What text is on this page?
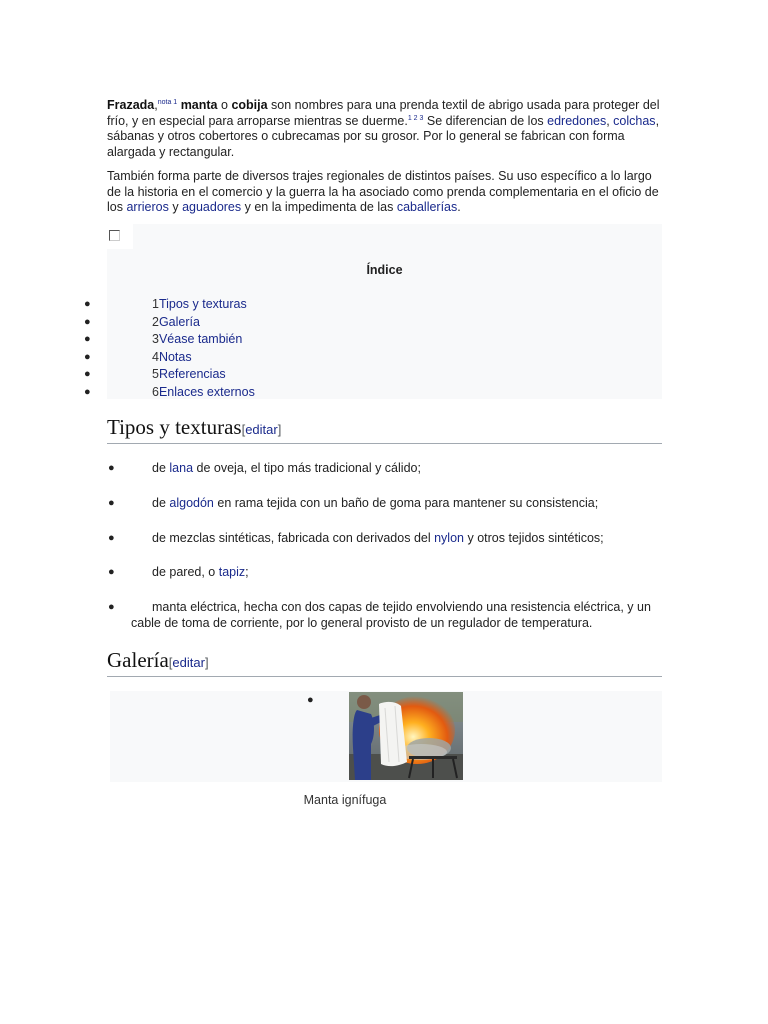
Frazada,$^{nota 1}$ manta o cobija son nombres para una prenda textil de abrigo usada para proteger del frío, y en especial para arroparse mientras se duerme.$^{1 2 3}$ Se diferencian de los edredones, colchas, sábanas y otros cobertores o cubrecamas por su grosor. Por lo general se fabrican con forma alargada y rectangular.

También forma parte de diversos trajes regionales de distintos países. Su uso específico a lo largo de la historia en el comercio y la guerra la ha asociado como prenda complementaria en el oficio de los arrieros y aguadores y en la impedimenta de las caballerías.

Índice
●	1Tipos y texturas
●	2Galería
●	3Véase también
●	4Notas
●	5Referencias
●	6Enlaces externos
Tipos y texturas[editar]
●	de lana de oveja, el tipo más tradicional y cálido;
●	de algodón en rama tejida con un baño de goma para mantener su consistencia;
●	de mezclas sintéticas, fabricada con derivados del nylon y otros tejidos sintéticos;
●	de pared, o tapiz;
●	manta eléctrica, hecha con dos capas de tejido envolviendo una resistencia eléctrica, y un cable de toma de corriente, por lo general provisto de un regulador de temperatura.
Galería[editar]
●
Manta ignífuga
